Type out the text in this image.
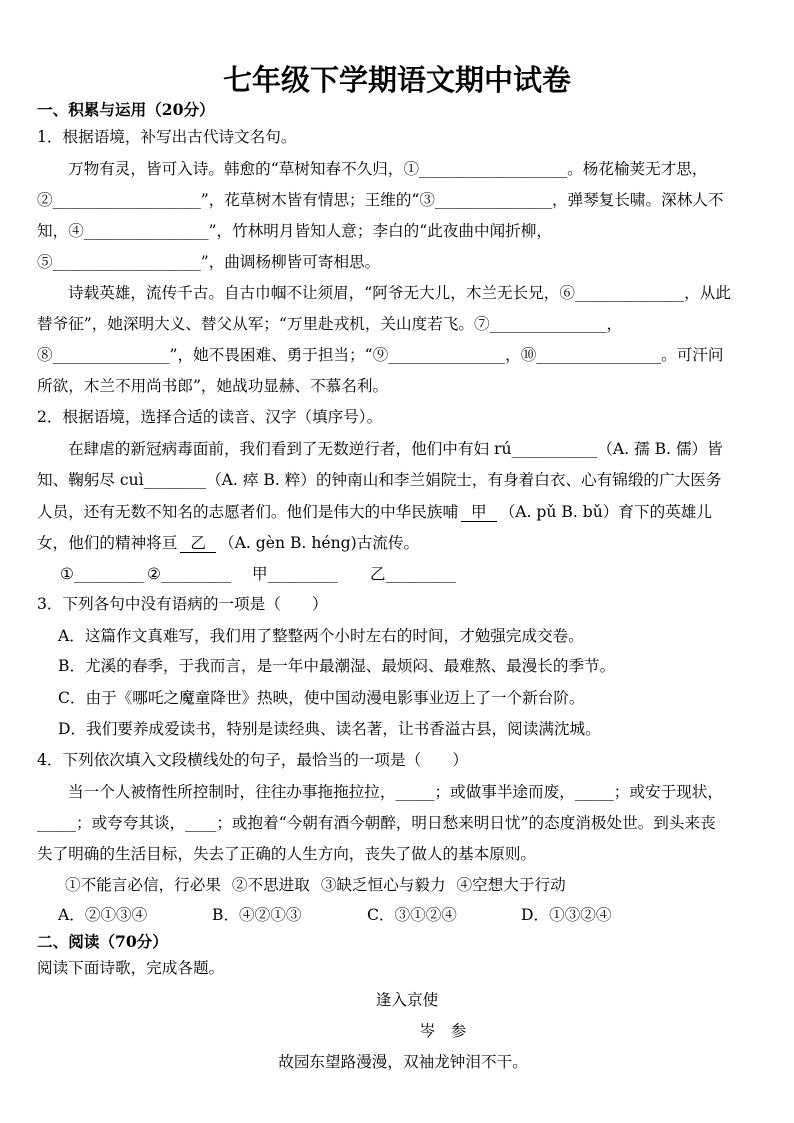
七年级下学期语文期中试卷
一、积累与运用（20分）
1．根据语境，补写出古代诗文名句。
万物有灵，皆可入诗。韩愈的“草树知春不久归，①___________________。杨花榆荚无才思，
②___________________”，花草树木皆有情思；王维的“③_______________，弹琴复长啸。深林人不
知，④________________”，竹林明月皆知人意；李白的“此夜曲中闻折柳，
⑤___________________”，曲调杨柳皆可寄相思。
诗载英雄，流传千古。自古巾帼不让须眉，“阿爷无大儿，木兰无长兄，⑥______________，从此
替爷征”，她深明大义、替父从军；“万里赴戎机，关山度若飞。⑦_______________，
⑧_______________”，她不畏困难、勇于担当；“⑨_______________，⑩________________。可汗问
所欲，木兰不用尚书郎”，她战功显赫、不慕名利。
2．根据语境，选择合适的读音、汉字（填序号）。
在肆虐的新冠病毒面前，我们看到了无数逆行者，他们中有妇 rú___________（A. 孺 B. 儒）皆
知、鞠躬尽 cuì________（A. 瘁 B. 粹）的钟南山和李兰娟院士，有身着白衣、心有锦缎的广大医务
人员，还有无数不知名的志愿者们。他们是伟大的中华民族哺 甲 （A. pǔ B. bǔ）育下的英雄儿
女，他们的精神将亘 乙 （A. gèn B. héng)古流传。
①_________ ②_________ 甲_________ 乙_________
3．下列各句中没有语病的一项是（　　）
A．这篇作文真难写，我们用了整整两个小时左右的时间，才勉强完成交卷。
B．尤溪的春季，于我而言，是一年中最潮湿、最烦闷、最难熬、最漫长的季节。
C．由于《哪吒之魔童降世》热映，使中国动漫电影事业迈上了一个新台阶。
D．我们要养成爱读书，特别是读经典、读名著，让书香溢古县，阅读满沈城。
4．下列依次填入文段横线处的句子，最恰当的一项是（　　）
当一个人被惰性所控制时，往往办事拖拖拉拉，_____；或做事半途而废，_____；或安于现状，
_____；或夸夸其谈，____；或抱着“今朝有酒今朝醉，明日愁来明日忧”的态度消极处世。到头来丧
失了明确的生活目标，失去了正确的人生方向，丧失了做人的基本原则。
①不能言必信，行必果 ②不思进取 ③缺乏恒心与毅力 ④空想大于行动
A．②①③④	B．④②①③	C．③①②④	D．①③②④
二、阅读（70分）
阅读下面诗歌，完成各题。
逢入京使
岑　参
故园东望路漫漫，双袖龙钟泪不干。
